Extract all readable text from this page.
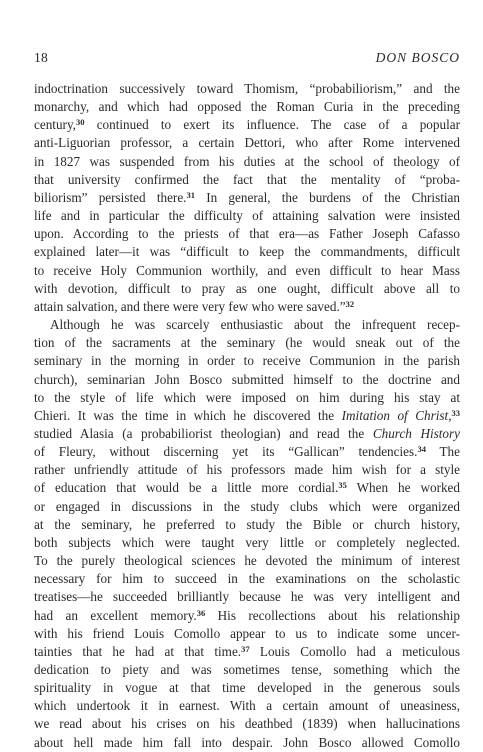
18	DON BOSCO

indoctrination successively toward Thomism, “probabiliorism,” and the

monarchy, and which had opposed the Roman Curia in the preceding

century,$^{30}$ continued to exert its influence. The case of a popular

anti-Liguorian professor, a certain Dettori, who after Rome intervened

in 1827 was suspended from his duties at the school of theology of

that university confirmed the fact that the mentality of “proba-

biliorism” persisted there.$^{31}$ In general, the burdens of the Christian

life and in particular the difficulty of attaining salvation were insisted

upon. According to the priests of that era—as Father Joseph Cafasso

explained later—it was “difficult to keep the commandments, difficult

to receive Holy Communion worthily, and even difficult to hear Mass

with devotion, difficult to pray as one ought, difficult above all to

attain salvation, and there were very few who were saved.”$^{32}$

Although he was scarcely enthusiastic about the infrequent recep-

tion of the sacraments at the seminary (he would sneak out of the

seminary in the morning in order to receive Communion in the parish

church), seminarian John Bosco submitted himself to the doctrine and

to the style of life which were imposed on him during his stay at

Chieri. It was the time in which he discovered the Imitation of Christ,$^{33}$

studied Alasia (a probabiliorist theologian) and read the Church History

of Fleury, without discerning yet its “Gallican” tendencies.$^{34}$ The

rather unfriendly attitude of his professors made him wish for a style

of education that would be a little more cordial.$^{35}$ When he worked

or engaged in discussions in the study clubs which were organized

at the seminary, he preferred to study the Bible or church history,

both subjects which were taught very little or completely neglected.

To the purely theological sciences he devoted the minimum of interest

necessary for him to succeed in the examinations on the scholastic

treatises—he succeeded brilliantly because he was very intelligent and

had an excellent memory.$^{36}$ His recollections about his relationship

with his friend Louis Comollo appear to us to indicate some uncer-

tainties that he had at that time.$^{37}$ Louis Comollo had a meticulous

dedication to piety and was sometimes tense, something which the

spirituality in vogue at that time developed in the generous souls

which undertook it in earnest. With a certain amount of uneasiness,

we read about his crises on his deathbed (1839) when hallucinations

about hell made him fall into despair. John Bosco allowed Comollo
